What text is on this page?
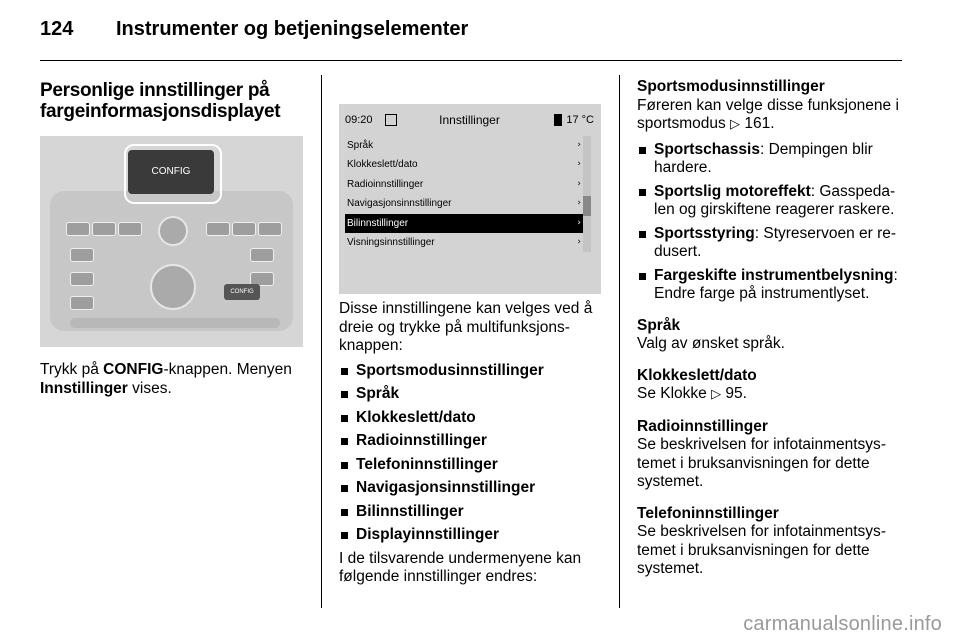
124 Instrumenter og betjeningselementer
Personlige innstillinger på fargeinformasjonsdisplayet
CONFIG
CONFIG

Trykk på CONFIG-knappen. Menyen Innstillinger vises.

09:20	Innstillinger	17 °C
Språk	›
Klokkeslett/dato	›
Radioinnstillinger	›
Navigasjonsinnstillinger	›
Bilinnstillinger	›
Visningsinnstillinger	›

Disse innstillingene kan velges ved å dreie og trykke på multifunksjonsknappen:

Sportsmodusinnstillinger
Språk
Klokkeslett/dato
Radioinnstillinger
Telefoninnstillinger
Navigasjonsinnstillinger
Bilinnstillinger
Displayinnstillinger

I de tilsvarende undermenyene kan følgende innstillinger endres:

Sportsmodusinnstillinger

Føreren kan velge disse funksjonene i sportsmodus ▷ 161.

Sportschassis: Dempingen blir hardere.
Sportslig motoreffekt: Gasspedalen og girskiftene reagerer raskere.
Sportsstyring: Styreservoen er redusert.
Fargeskifte instrumentbelysning: Endre farge på instrumentlyset.

Språk

Valg av ønsket språk.

Klokkeslett/dato

Se Klokke ▷ 95.

Radioinnstillinger

Se beskrivelsen for infotainmentsystemet i bruksanvisningen for dette systemet.

Telefoninnstillinger

Se beskrivelsen for infotainmentsystemet i bruksanvisningen for dette systemet.

carmanualsonline.info
